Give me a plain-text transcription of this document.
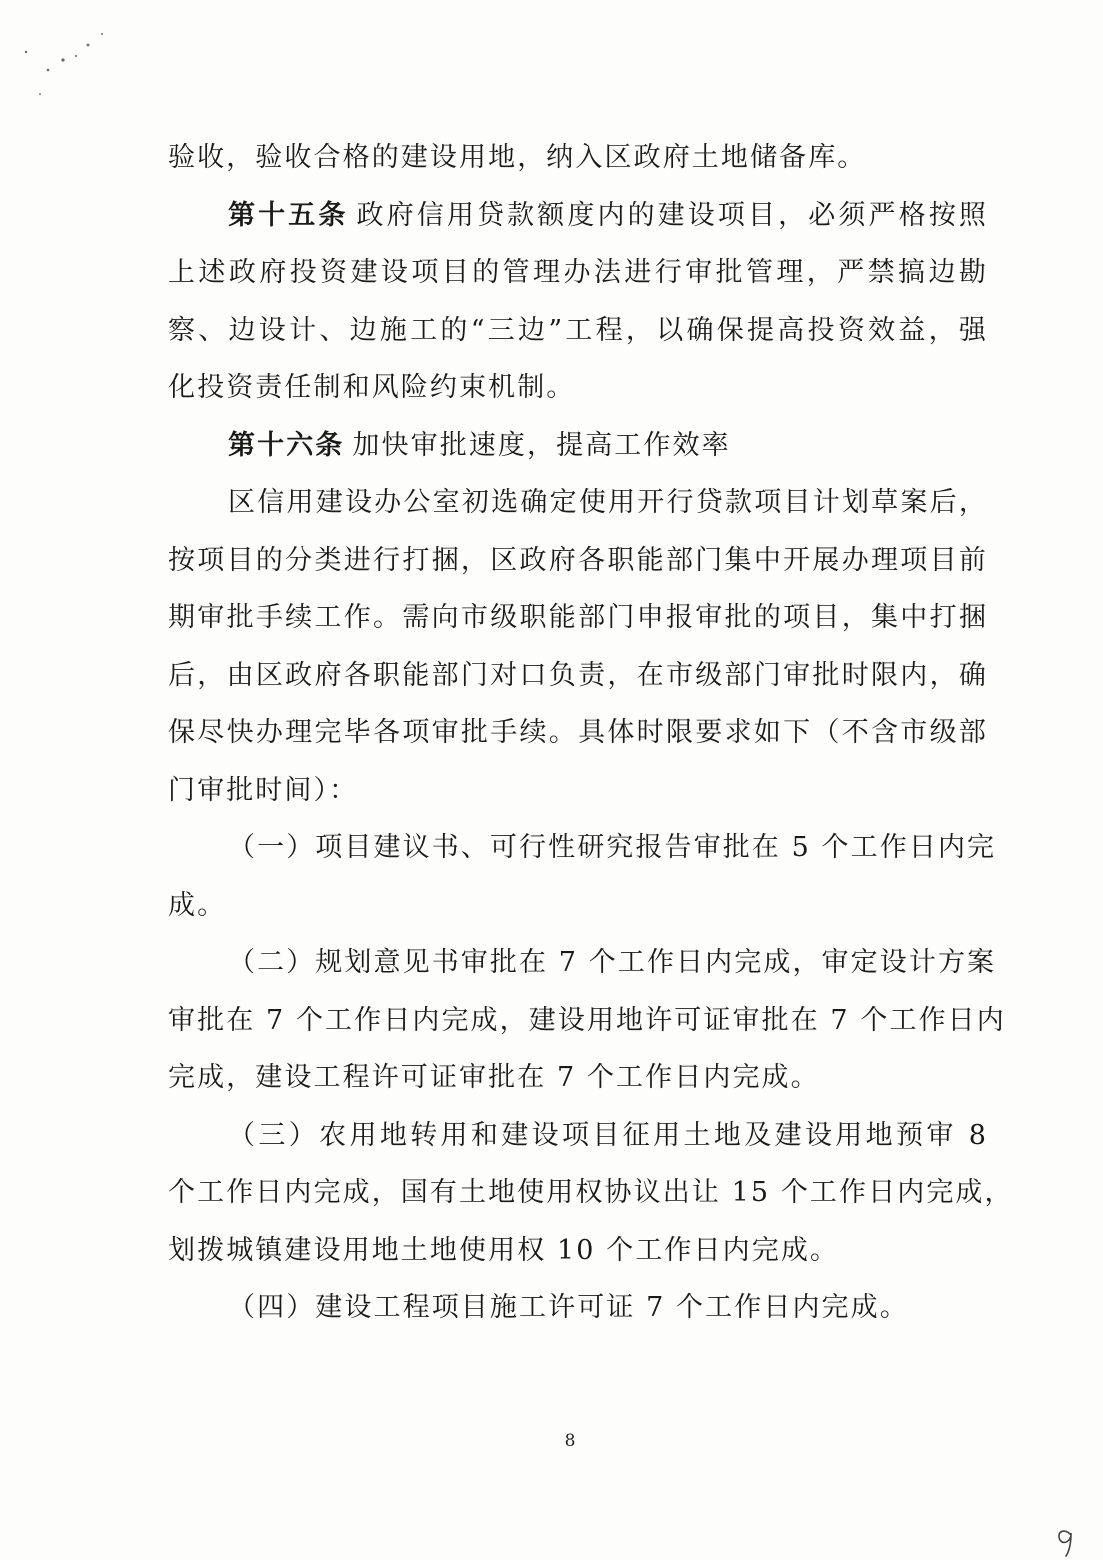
验收，验收合格的建设用地，纳入区政府土地储备库。
第十五条 政府信用贷款额度内的建设项目，必须严格按照
上述政府投资建设项目的管理办法进行审批管理，严禁搞边勘
察、边设计、边施工的“三边”工程，以确保提高投资效益，强
化投资责任制和风险约束机制。
第十六条 加快审批速度，提高工作效率
区信用建设办公室初选确定使用开行贷款项目计划草案后，
按项目的分类进行打捆，区政府各职能部门集中开展办理项目前
期审批手续工作。需向市级职能部门申报审批的项目，集中打捆
后，由区政府各职能部门对口负责，在市级部门审批时限内，确
保尽快办理完毕各项审批手续。具体时限要求如下（不含市级部
门审批时间）：
（一）项目建议书、可行性研究报告审批在 5 个工作日内完
成。
（二）规划意见书审批在 7 个工作日内完成，审定设计方案
审批在 7 个工作日内完成，建设用地许可证审批在 7 个工作日内
完成，建设工程许可证审批在 7 个工作日内完成。
（三）农用地转用和建设项目征用土地及建设用地预审 8
个工作日内完成，国有土地使用权协议出让 15 个工作日内完成，
划拨城镇建设用地土地使用权 10 个工作日内完成。
（四）建设工程项目施工许可证 7 个工作日内完成。
8
